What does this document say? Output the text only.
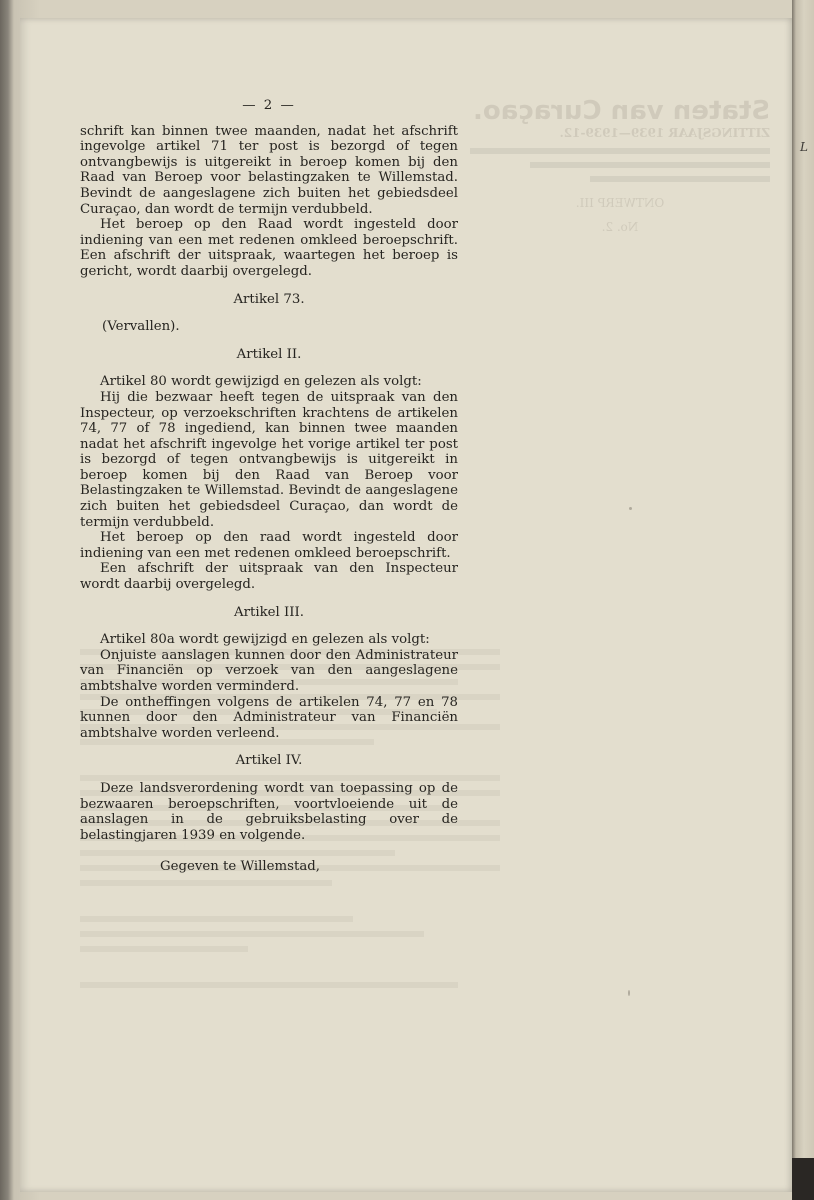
L
— 2 —

schrift kan binnen twee maanden, nadat het afschrift ingevolge artikel 71 ter post is bezorgd of tegen ontvangbewijs is uitgereikt in beroep komen bij den Raad van Beroep voor belastingzaken te Willemstad. Bevindt de aangeslagene zich buiten het gebiedsdeel Curaçao, dan wordt de termijn verdubbeld.

Het beroep op den Raad wordt ingesteld door indiening van een met redenen omkleed beroepschrift. Een afschrift der uitspraak, waartegen het beroep is gericht, wordt daarbij overgelegd.

Artikel 73.
(Vervallen).
Artikel II.

Artikel 80 wordt gewijzigd en gelezen als volgt:

Hij die bezwaar heeft tegen de uitspraak van den Inspecteur, op verzoekschriften krachtens de artikelen 74, 77 of 78 ingediend, kan binnen twee maanden nadat het afschrift ingevolge het vorige artikel ter post is bezorgd of tegen ontvangbewijs is uitgereikt in beroep komen bij den Raad van Beroep voor Belastingzaken te Willemstad. Bevindt de aangeslagene zich buiten het gebiedsdeel Curaçao, dan wordt de termijn verdubbeld.

Het beroep op den raad wordt ingesteld door indiening van een met redenen omkleed beroepschrift.

Een afschrift der uitspraak van den Inspecteur wordt daarbij overgelegd.

Artikel III.

Artikel 80a wordt gewijzigd en gelezen als volgt:

Onjuiste aanslagen kunnen door den Administrateur van Financiën op verzoek van den aangeslagene ambtshalve worden verminderd.

De ontheffingen volgens de artikelen 74, 77 en 78 kunnen door den Administrateur van Financiën ambtshalve worden verleend.

Artikel IV.

Deze landsverordening wordt van toepassing op de bezwaaren beroepschriften, voortvloeiende uit de aanslagen in de gebruiksbelasting over de belastingjaren 1939 en volgende.

Gegeven te Willemstad,
